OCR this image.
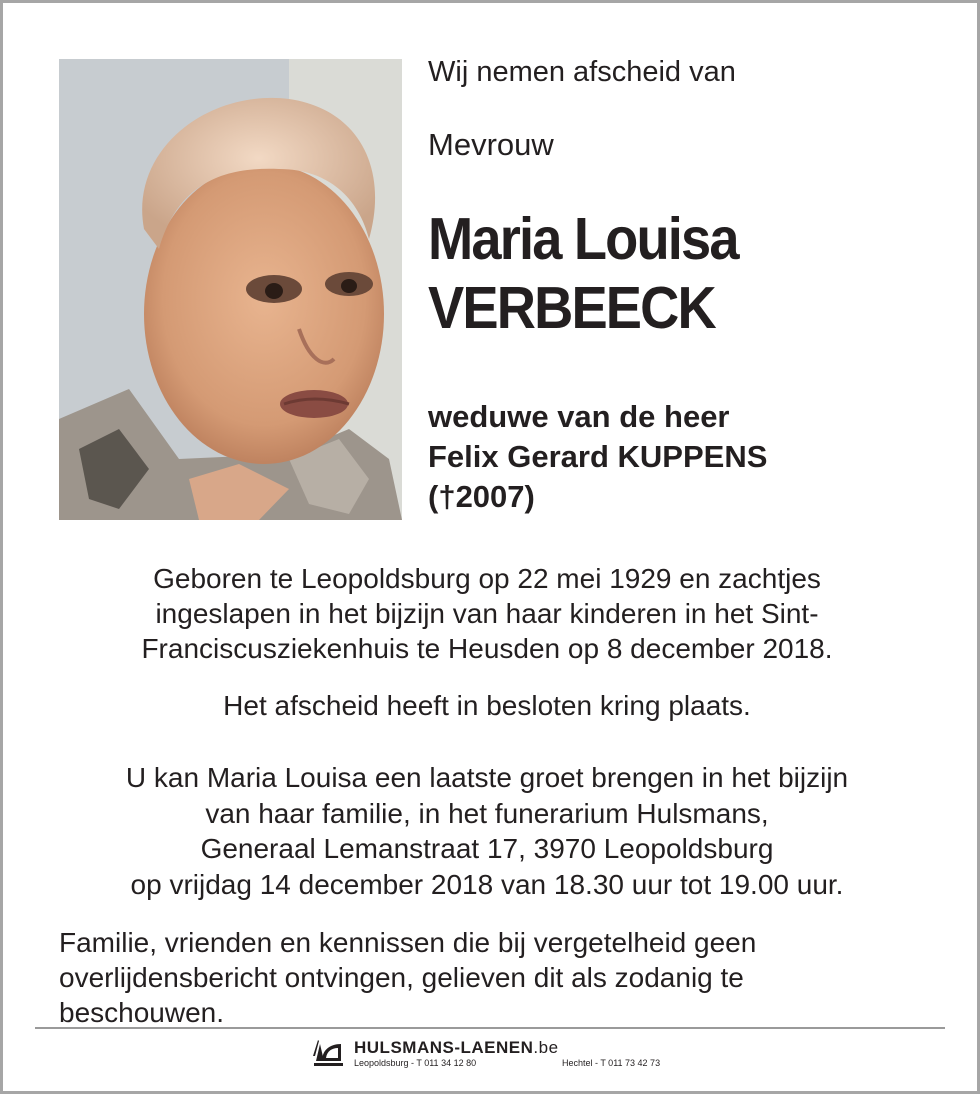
Wij nemen afscheid van
Mevrouw
Maria Louisa
VERBEECK
weduwe van de heer
Felix Gerard KUPPENS
(†2007)
Geboren te Leopoldsburg op 22 mei 1929 en zachtjes
ingeslapen in het bijzijn van haar kinderen in het Sint-
Franciscusziekenhuis te Heusden op 8 december 2018.
Het afscheid heeft in besloten kring plaats.
U kan Maria Louisa een laatste groet brengen in het bijzijn
van haar familie, in het funerarium Hulsmans,
Generaal Lemanstraat 17, 3970 Leopoldsburg
op vrijdag 14 december 2018 van 18.30 uur tot 19.00 uur.
Familie, vrienden en kennissen die bij vergetelheid geen
overlijdensbericht ontvingen, gelieven dit als zodanig te
beschouwen.
HULSMANS-LAENEN.be
Leopoldsburg - T 011 34 12 80	Hechtel - T 011 73 42 73
